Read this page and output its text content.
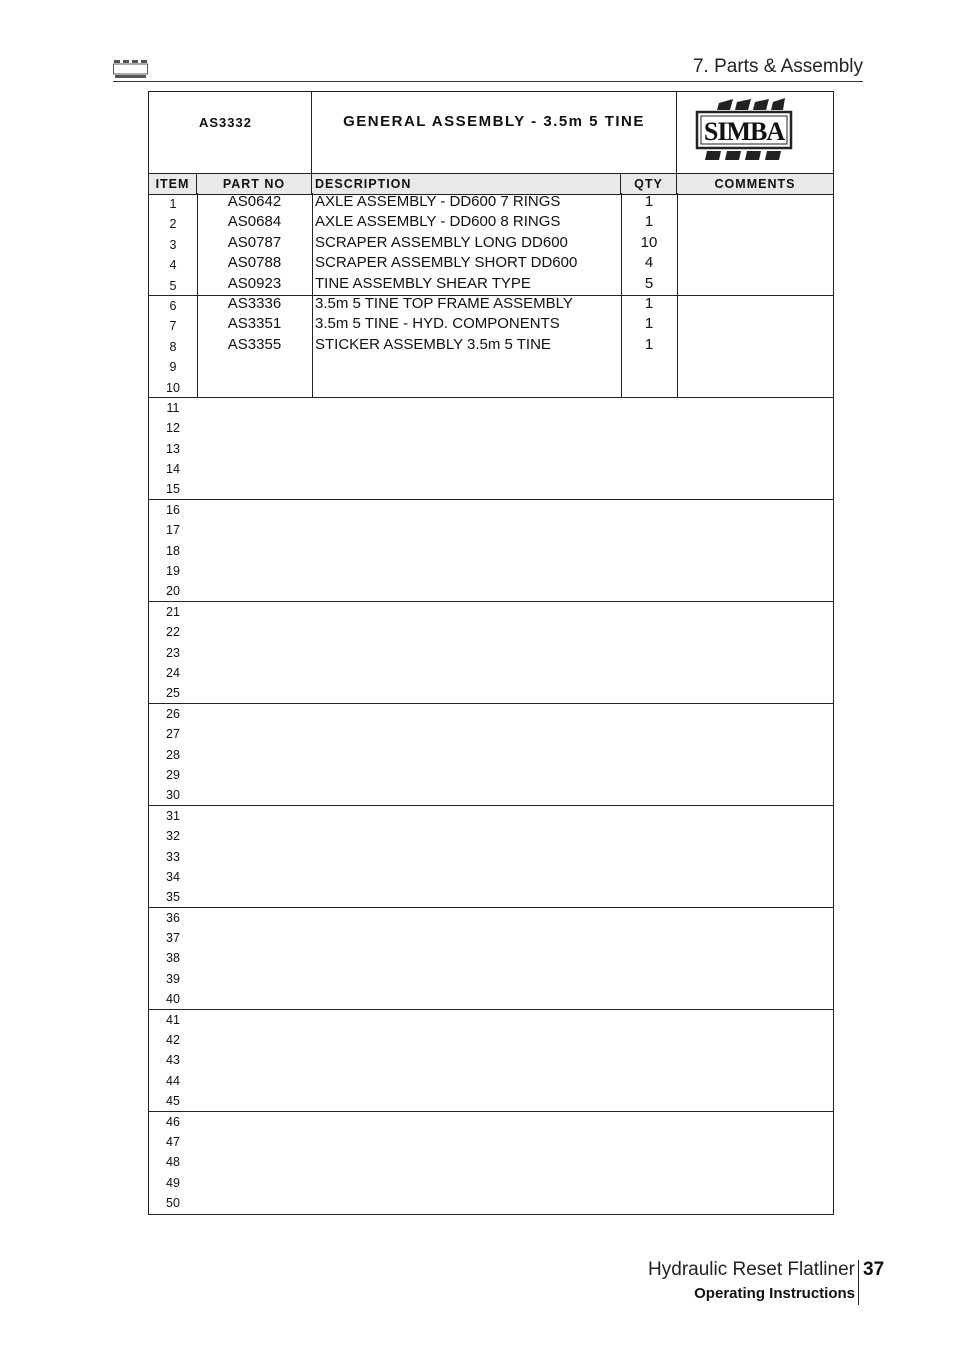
7. Parts & Assembly
AS3332	GENERAL ASSEMBLY - 3.5m 5 TINE	SIMBA
ITEM	PART NO	DESCRIPTION	QTY	COMMENTS
1	AS0642	AXLE ASSEMBLY - DD600 7 RINGS	1
2	AS0684	AXLE ASSEMBLY - DD600 8 RINGS	1
3	AS0787	SCRAPER ASSEMBLY LONG DD600	10
4	AS0788	SCRAPER ASSEMBLY SHORT DD600	4
5	AS0923	TINE ASSEMBLY SHEAR TYPE	5
6	AS3336	3.5m 5 TINE TOP FRAME ASSEMBLY	1
7	AS3351	3.5m 5 TINE - HYD. COMPONENTS	1
8	AS3355	STICKER ASSEMBLY 3.5m 5 TINE	1
9
10
11
12
13
14
15
16
17
18
19
20
21
22
23
24
25
26
27
28
29
30
31
32
33
34
35
36
37
38
39
40
41
42
43
44
45
46
47
48
49
50
Hydraulic Reset Flatliner 37
Operating Instructions
